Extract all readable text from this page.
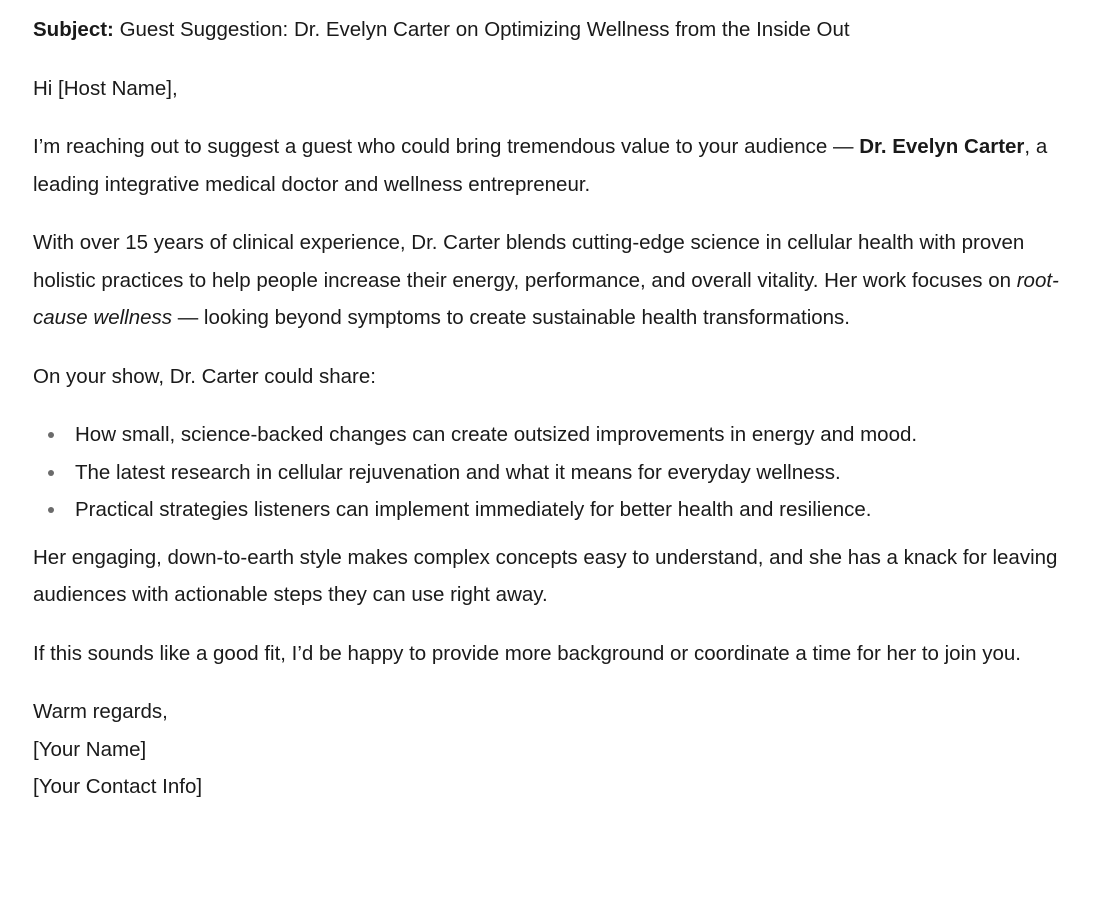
Subject: Guest Suggestion: Dr. Evelyn Carter on Optimizing Wellness from the Inside Out

Hi [Host Name],

I’m reaching out to suggest a guest who could bring tremendous value to your audience — Dr. Evelyn Carter, a leading integrative medical doctor and wellness entrepreneur.

With over 15 years of clinical experience, Dr. Carter blends cutting-edge science in cellular health with proven holistic practices to help people increase their energy, performance, and overall vitality. Her work focuses on root-cause wellness — looking beyond symptoms to create sustainable health transformations.

On your show, Dr. Carter could share:

How small, science-backed changes can create outsized improvements in energy and mood.
The latest research in cellular rejuvenation and what it means for everyday wellness.
Practical strategies listeners can implement immediately for better health and resilience.

Her engaging, down-to-earth style makes complex concepts easy to understand, and she has a knack for leaving audiences with actionable steps they can use right away.

If this sounds like a good fit, I’d be happy to provide more background or coordinate a time for her to join you.

Warm regards,
[Your Name]
[Your Contact Info]
